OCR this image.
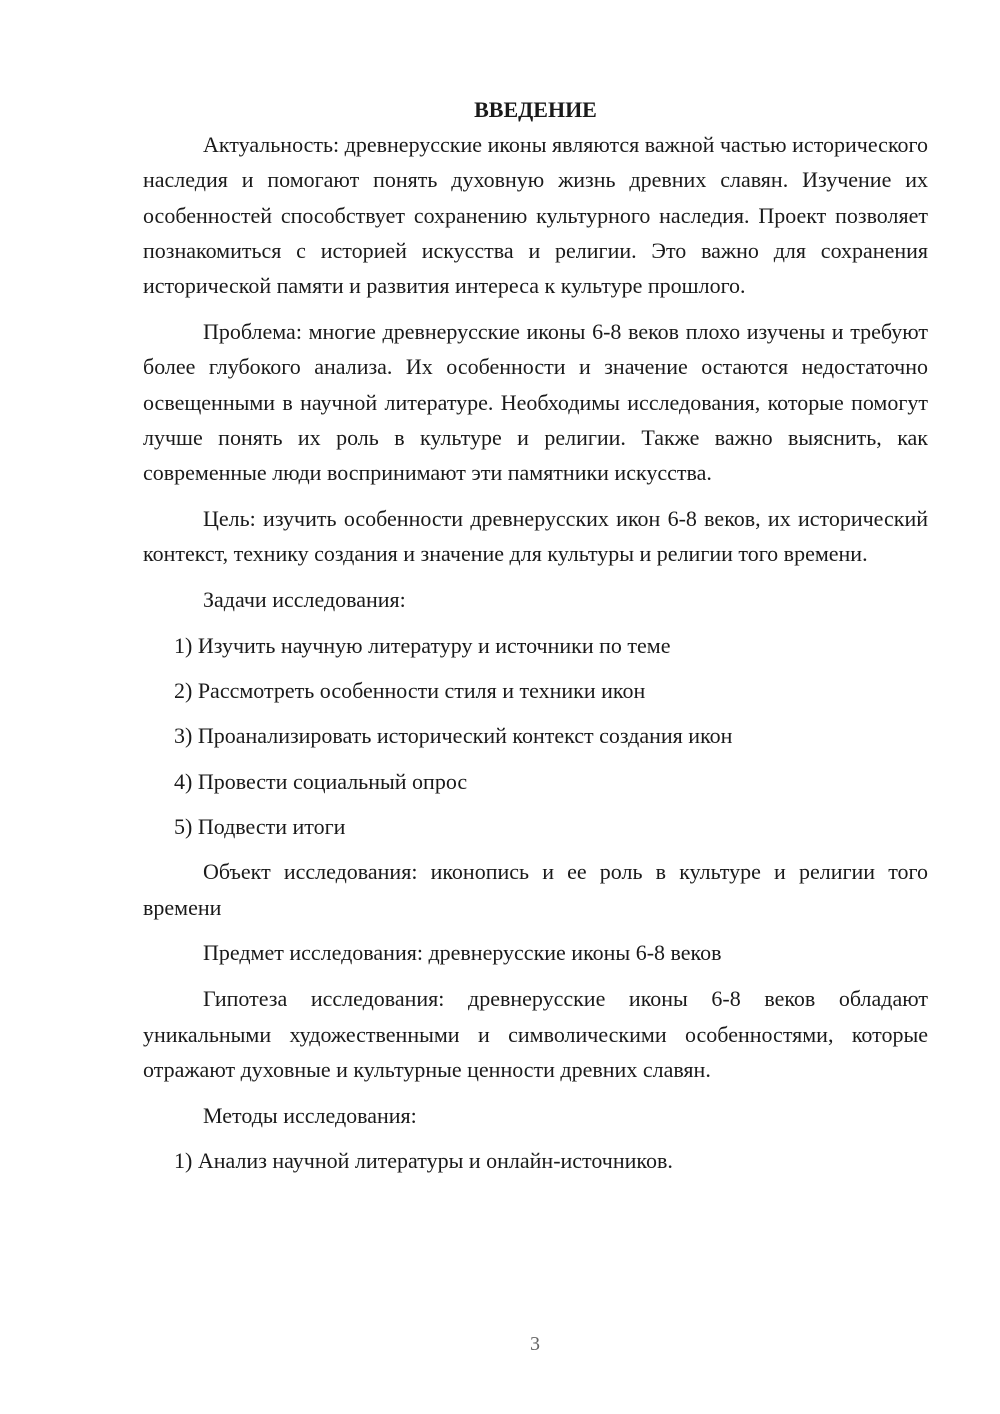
ВВЕДЕНИЕ

Актуальность: древнерусские иконы являются важной частью исторического наследия и помогают понять духовную жизнь древних славян. Изучение их особенностей способствует сохранению культурного наследия. Проект позволяет познакомиться с историей искусства и религии. Это важно для сохранения исторической памяти и развития интереса к культуре прошлого.

Проблема: многие древнерусские иконы 6-8 веков плохо изучены и требуют более глубокого анализа. Их особенности и значение остаются недостаточно освещенными в научной литературе. Необходимы исследования, которые помогут лучше понять их роль в культуре и религии. Также важно выяснить, как современные люди воспринимают эти памятники искусства.

Цель: изучить особенности древнерусских икон 6-8 веков, их исторический контекст, технику создания и значение для культуры и религии того времени.

Задачи исследования:

1) Изучить научную литературу и источники по теме
2) Рассмотреть особенности стиля и техники икон
3) Проанализировать исторический контекст создания икон
4) Провести социальный опрос
5) Подвести итоги

Объект исследования: иконопись и ее роль в культуре и религии того времени

Предмет исследования: древнерусские иконы 6-8 веков

Гипотеза исследования: древнерусские иконы 6-8 веков обладают уникальными художественными и символическими особенностями, которые отражают духовные и культурные ценности древних славян.

Методы исследования:

1) Анализ научной литературы и онлайн-источников.
3
